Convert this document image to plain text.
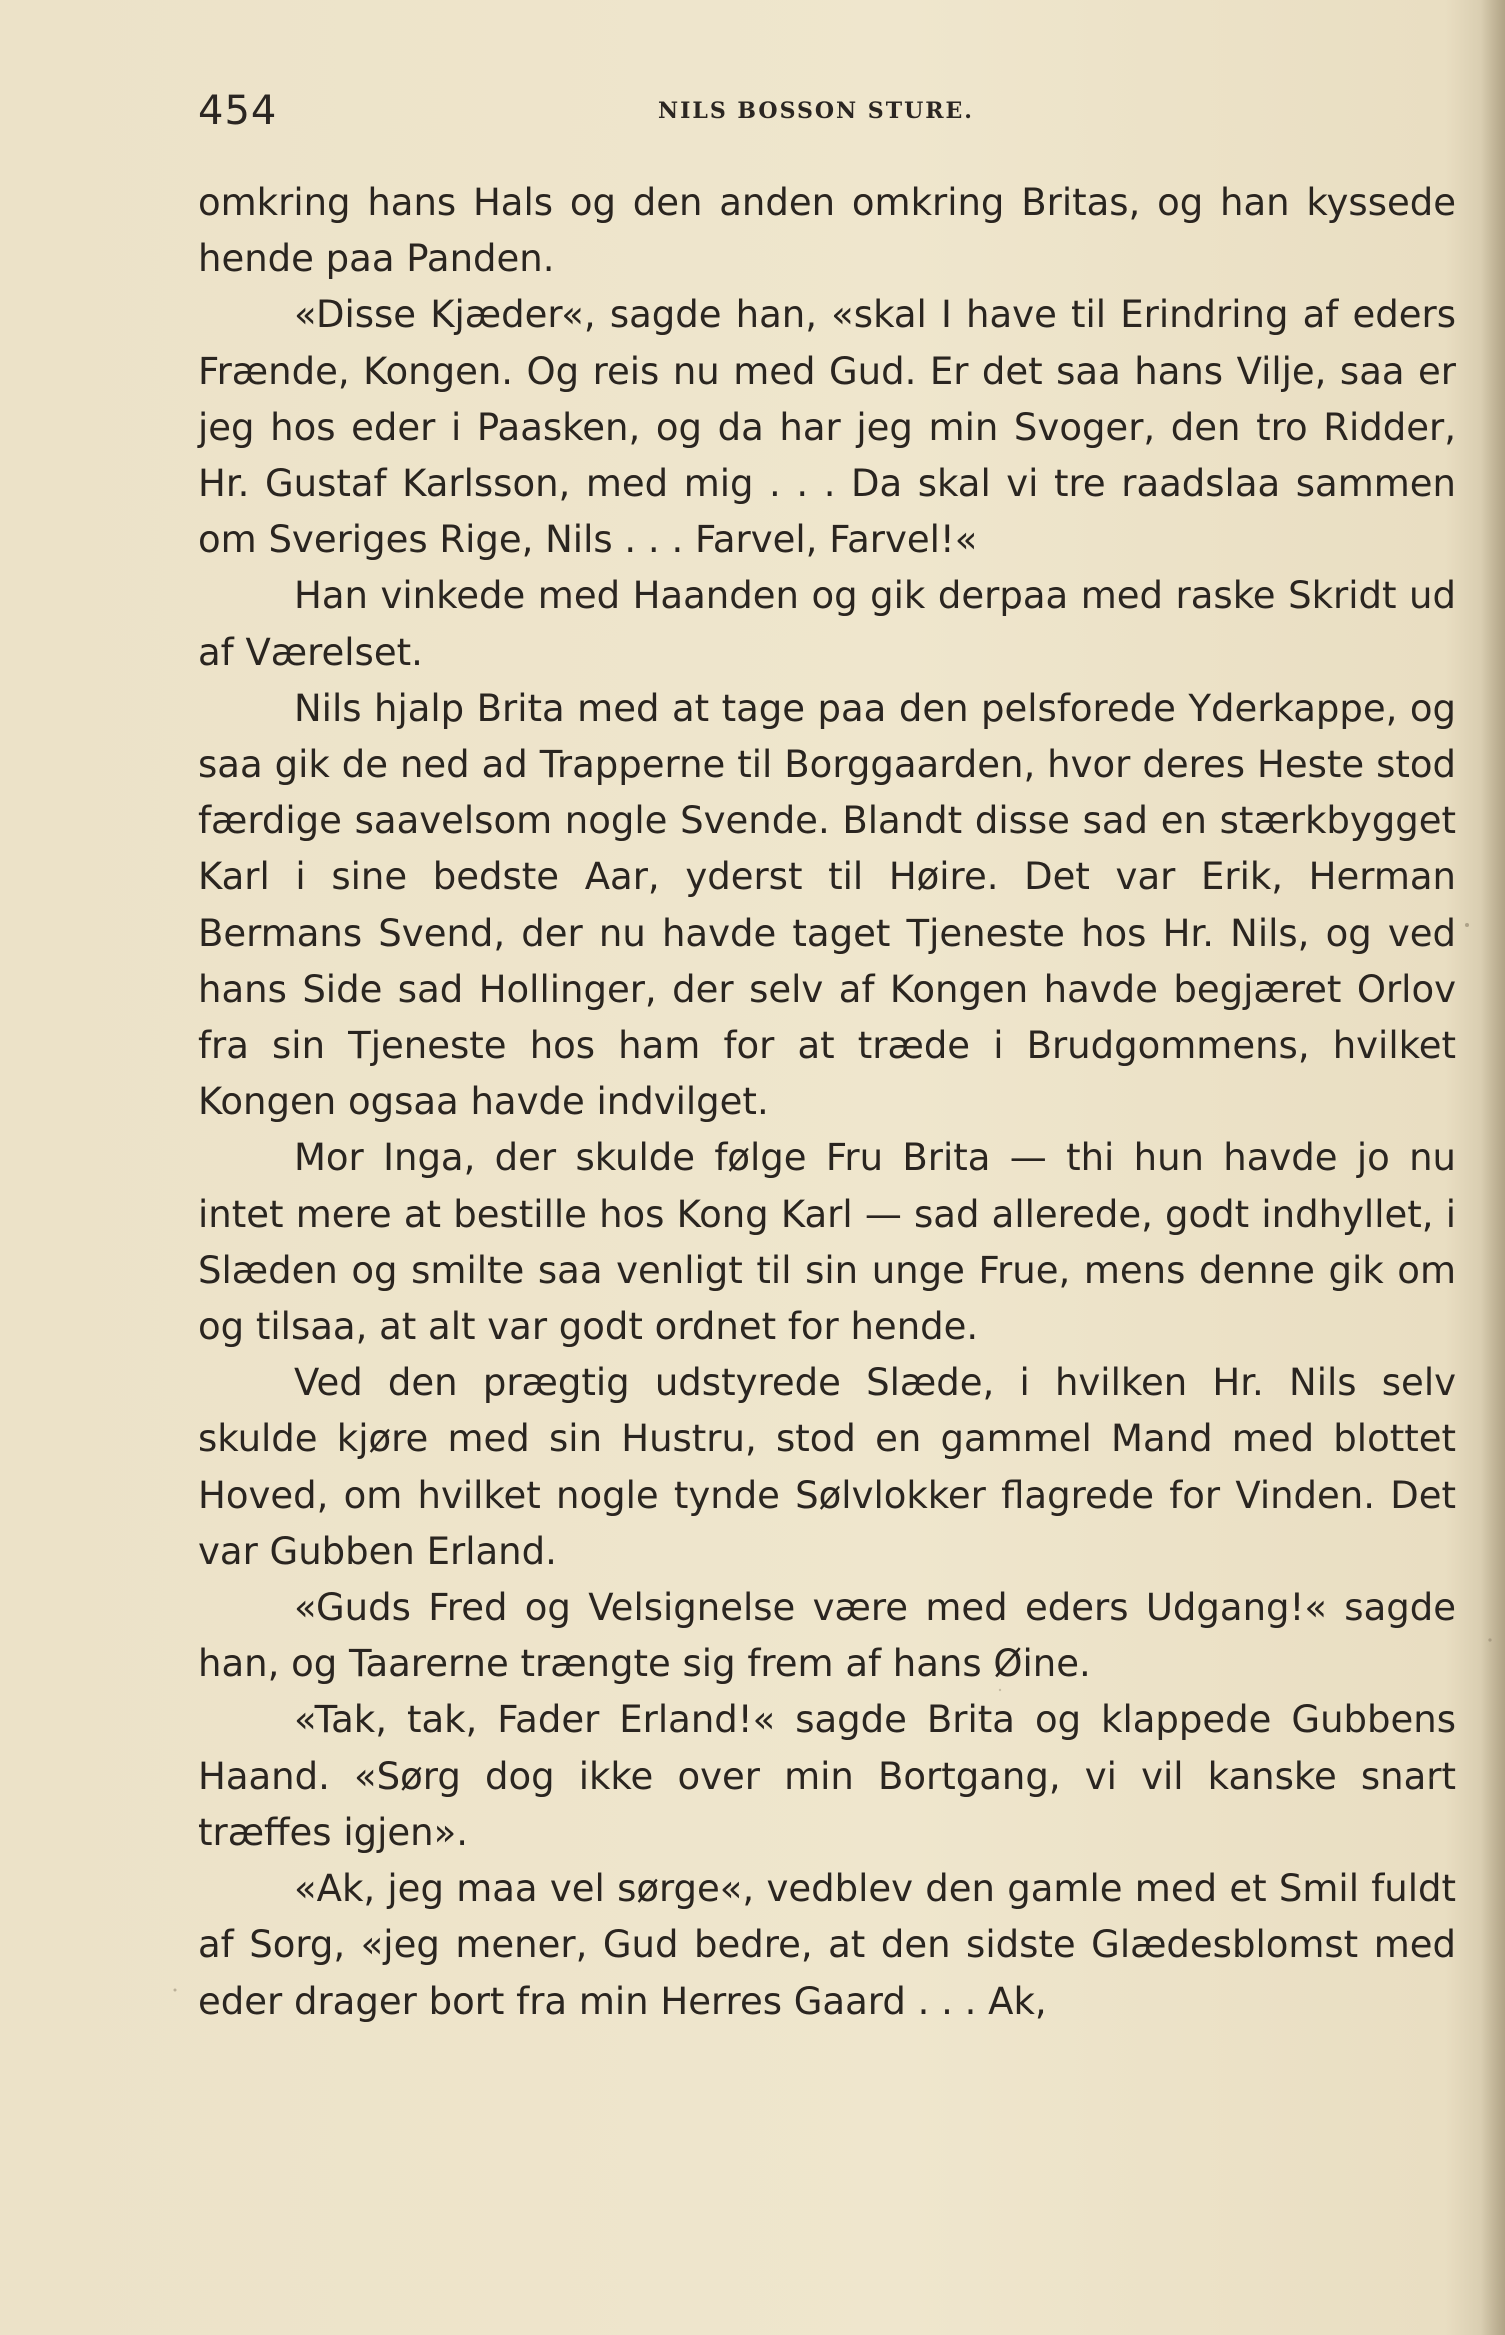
454	NILS BOSSON STURE.

omkring hans Hals og den anden omkring Britas, og han kyssede hende paa Panden.

«Disse Kjæder«, sagde han, «skal I have til Erindring af eders Frænde, Kongen. Og reis nu med Gud. Er det saa hans Vilje, saa er jeg hos eder i Paasken, og da har jeg min Svoger, den tro Ridder, Hr. Gustaf Karlsson, med mig . . . Da skal vi tre raadslaa sammen om Sveriges Rige, Nils . . . Farvel, Farvel!«

Han vinkede med Haanden og gik derpaa med raske Skridt ud af Værelset.

Nils hjalp Brita med at tage paa den pelsforede Yderkappe, og saa gik de ned ad Trapperne til Borggaarden, hvor deres Heste stod færdige saavelsom nogle Svende. Blandt disse sad en stærkbygget Karl i sine bedste Aar, yderst til Høire. Det var Erik, Herman Bermans Svend, der nu havde taget Tjeneste hos Hr. Nils, og ved hans Side sad Hollinger, der selv af Kongen havde begjæret Orlov fra sin Tjeneste hos ham for at træde i Brudgommens, hvilket Kongen ogsaa havde indvilget.

Mor Inga, der skulde følge Fru Brita — thi hun havde jo nu intet mere at bestille hos Kong Karl — sad allerede, godt indhyllet, i Slæden og smilte saa venligt til sin unge Frue, mens denne gik om og tilsaa, at alt var godt ordnet for hende.

Ved den prægtig udstyrede Slæde, i hvilken Hr. Nils selv skulde kjøre med sin Hustru, stod en gammel Mand med blottet Hoved, om hvilket nogle tynde Sølvlokker flagrede for Vinden. Det var Gubben Erland.

«Guds Fred og Velsignelse være med eders Udgang!« sagde han, og Taarerne trængte sig frem af hans Øine.

«Tak, tak, Fader Erland!« sagde Brita og klappede Gubbens Haand. «Sørg dog ikke over min Bortgang, vi vil kanske snart træffes igjen».

«Ak, jeg maa vel sørge«, vedblev den gamle med et Smil fuldt af Sorg, «jeg mener, Gud bedre, at den sidste Glædesblomst med eder drager bort fra min Herres Gaard . . . Ak,
